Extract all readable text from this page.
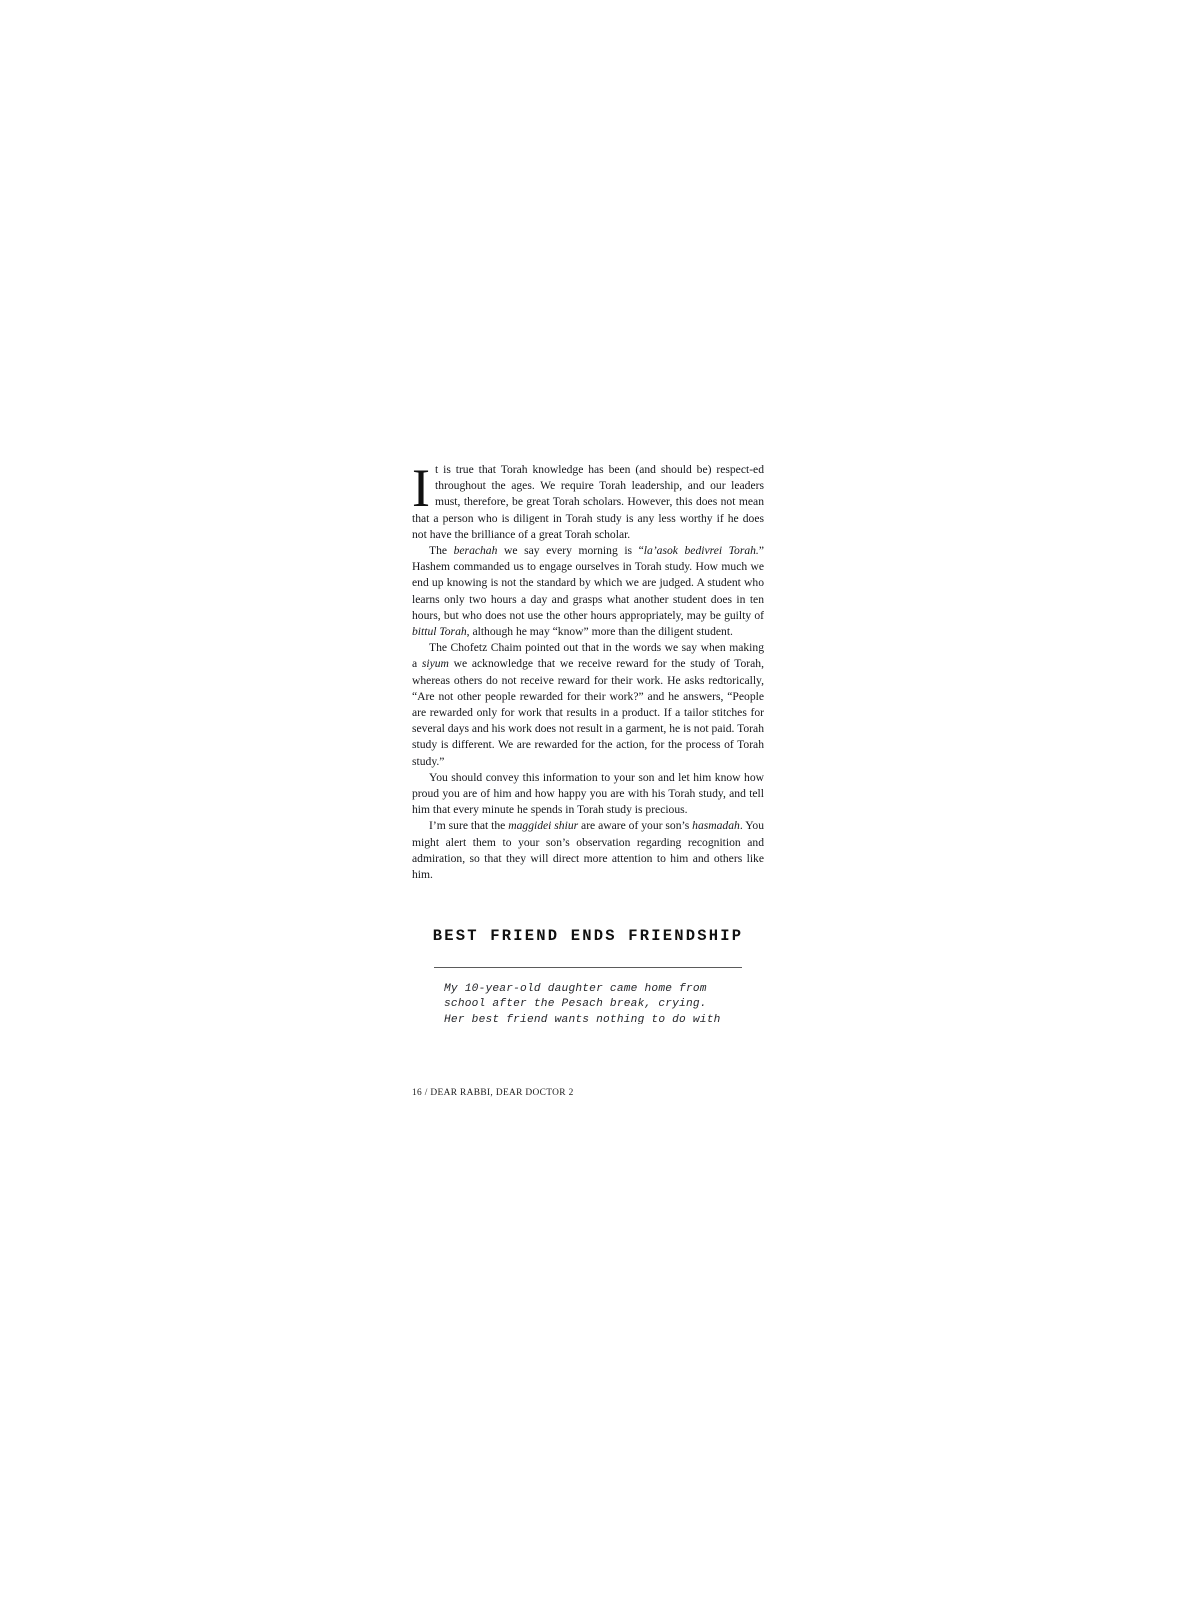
It is true that Torah knowledge has been (and should be) respect-ed throughout the ages. We require Torah leadership, and our leaders must, therefore, be great Torah scholars. However, this does not mean that a person who is diligent in Torah study is any less worthy if he does not have the brilliance of a great Torah scholar.

The berachah we say every morning is “la’asok bedivrei Torah.” Hashem commanded us to engage ourselves in Torah study. How much we end up knowing is not the standard by which we are judged. A student who learns only two hours a day and grasps what another student does in ten hours, but who does not use the other hours appropriately, may be guilty of bittul Torah, although he may “know” more than the diligent student.

The Chofetz Chaim pointed out that in the words we say when making a siyum we acknowledge that we receive reward for the study of Torah, whereas others do not receive reward for their work. He asks redtorically, “Are not other people rewarded for their work?” and he answers, “People are rewarded only for work that results in a product. If a tailor stitches for several days and his work does not result in a garment, he is not paid. Torah study is different. We are rewarded for the action, for the process of Torah study.”

You should convey this information to your son and let him know how proud you are of him and how happy you are with his Torah study, and tell him that every minute he spends in Torah study is precious.

I’m sure that the maggidei shiur are aware of your son’s hasmadah. You might alert them to your son’s observation regarding recognition and admiration, so that they will direct more attention to him and others like him.

BEST FRIEND ENDS FRIENDSHIP
My 10-year-old daughter came home from
school after the Pesach break, crying.
Her best friend wants nothing to do with
16 / DEAR RABBI, DEAR DOCTOR 2
